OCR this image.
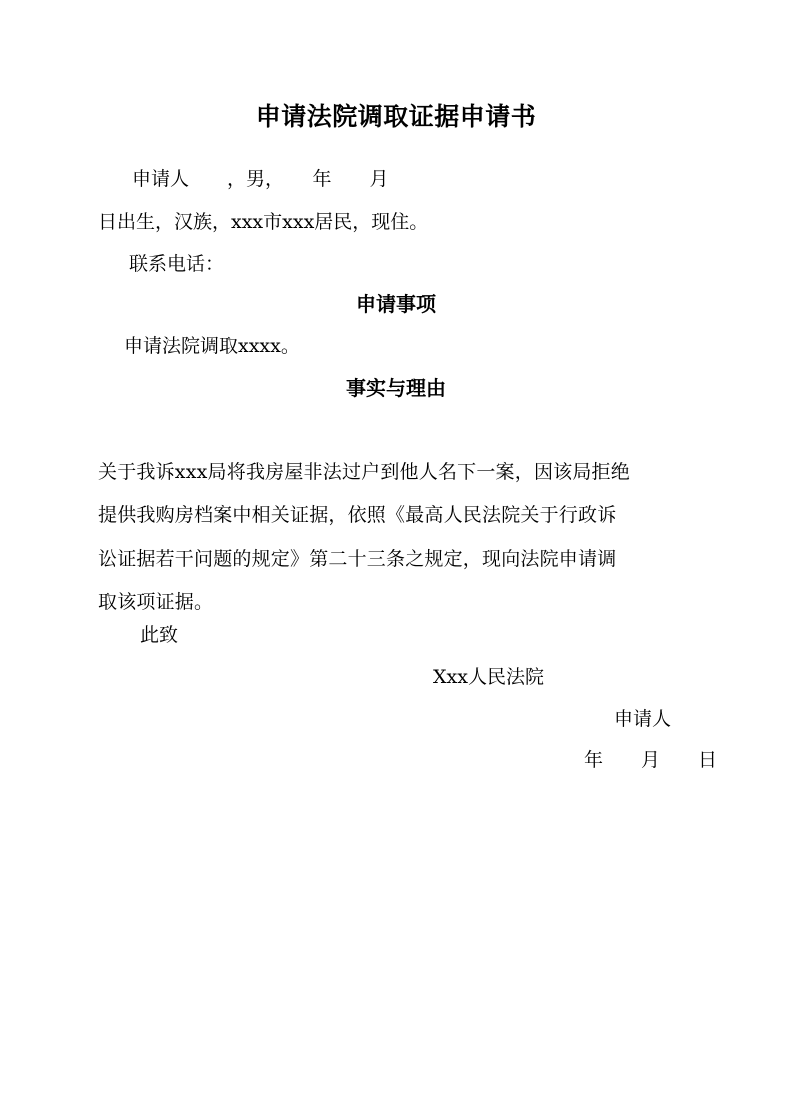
申请法院调取证据申请书
申请人　　，男，　　年　　月
日出生，汉族，xxx市xxx居民，现住。
联系电话：
申请事项
申请法院调取xxxx。
事实与理由
关于我诉xxx局将我房屋非法过户到他人名下一案，因该局拒绝
提供我购房档案中相关证据，依照《最高人民法院关于行政诉
讼证据若干问题的规定》第二十三条之规定，现向法院申请调
取该项证据。
此致
Xxx人民法院
申请人
年　　月　　日
